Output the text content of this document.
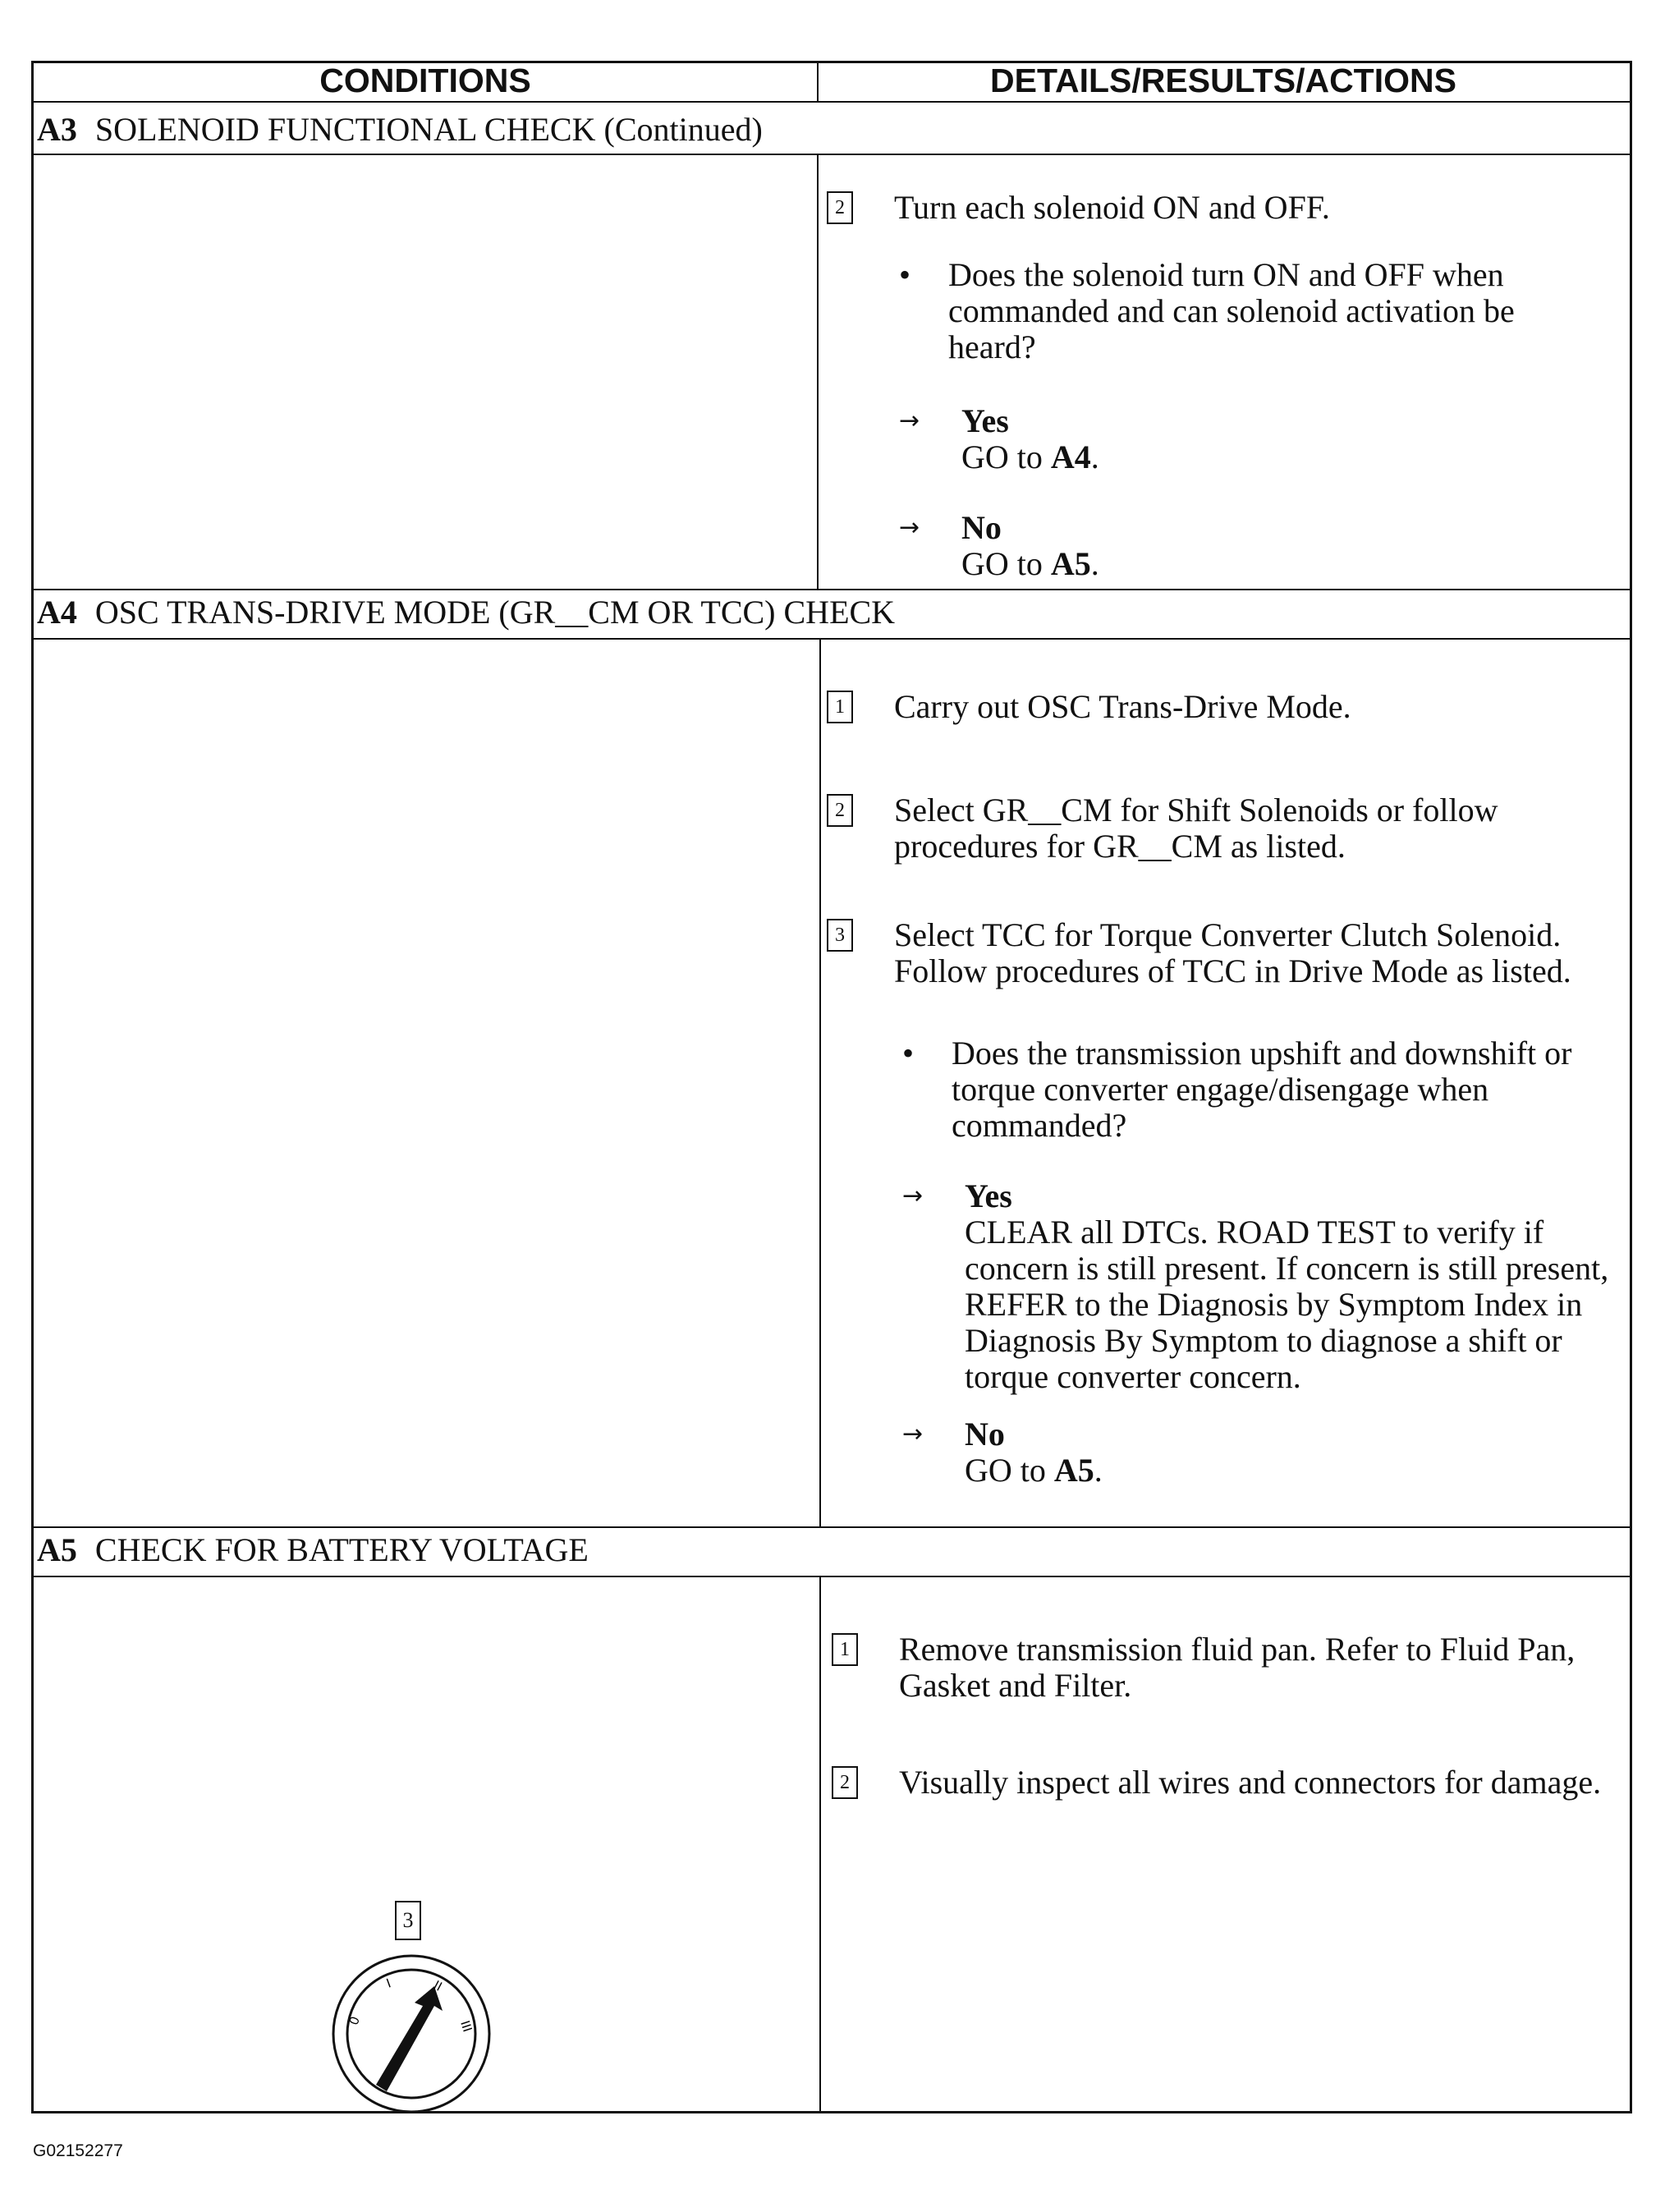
CONDITIONS	DETAILS/RESULTS/ACTIONS
A3 SOLENOID FUNCTIONAL CHECK (Continued)
2 Turn each solenoid ON and OFF.
• Does the solenoid turn ON and OFF when commanded and can solenoid activation be heard?
→ Yes
GO to A4.
→ No
GO to A5.
A4 OSC TRANS-DRIVE MODE (GR__CM OR TCC) CHECK
1 Carry out OSC Trans-Drive Mode.
2 Select GR__CM for Shift Solenoids or follow procedures for GR__CM as listed.
3 Select TCC for Torque Converter Clutch Solenoid. Follow procedures of TCC in Drive Mode as listed.
• Does the transmission upshift and downshift or torque converter engage/disengage when commanded?
→ Yes
CLEAR all DTCs. ROAD TEST to verify if concern is still present. If concern is still present, REFER to the Diagnosis by Symptom Index in Diagnosis By Symptom to diagnose a shift or torque converter concern.
→ No
GO to A5.
A5 CHECK FOR BATTERY VOLTAGE
1 Remove transmission fluid pan. Refer to Fluid Pan, Gasket and Filter.
2 Visually inspect all wires and connectors for damage.
3
0
I	II
III
G02152277
